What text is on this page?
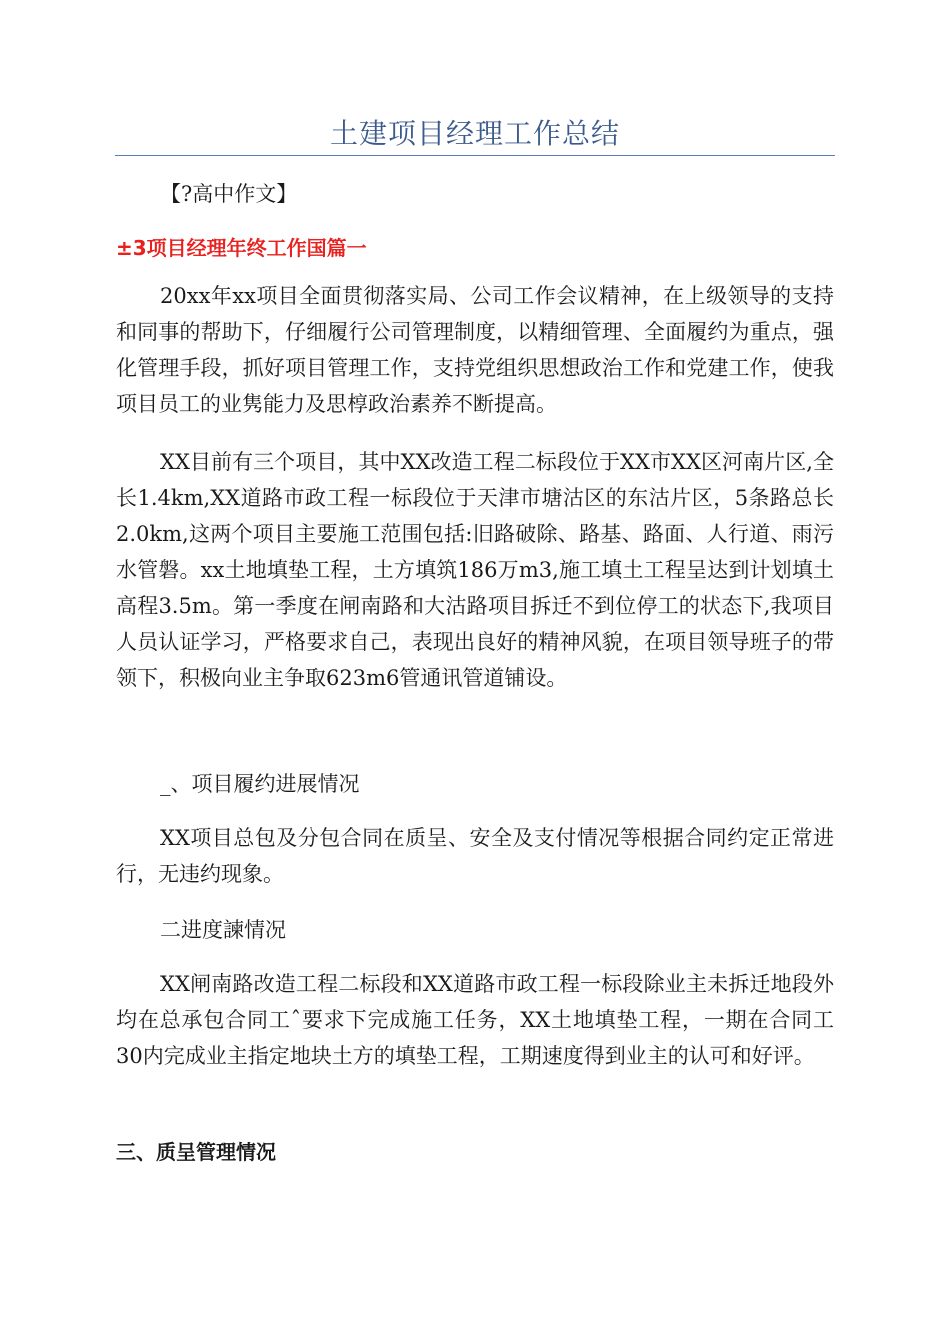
土建项目经理工作总结
【?高中作文】
±3项目经理年终工作国篇一

20xx年xx项目全面贯彻落实局、公司工作会议精神，在上级领导的支持和同事的帮助下，仔细履行公司管理制度，以精细管理、全面履约为重点，强化管理手段，抓好项目管理工作，支持党组织思想政治工作和党建工作，使我项目员工的业隽能力及思椁政治素养不断提高。

XX目前有三个项目，其中XX改造工程二标段位于XX市XX区河南片区,全长1.4km,XX道路市政工程一标段位于天津市塘沽区的东沽片区，5条路总长2.0km,这两个项目主要施工范围包括:旧路破除、路基、路面、人行道、雨污水管磐。xx土地填垫工程，土方填筑186万m3,施工填土工程呈达到计划填土高程3.5m。第一季度在闸南路和大沽路项目拆迁不到位停工的状态下,我项目人员认证学习，严格要求自己，表现出良好的精神风貌，在项目领导班子的带领下，积极向业主争取623m6管通讯管道铺设。

_、项目履约进展情况

XX项目总包及分包合同在质呈、安全及支付情况等根据合同约定正常进行，无违约现象。

二进度諫情况

XX闸南路改造工程二标段和XX道路市政工程一标段除业主未拆迁地段外均在总承包合同工ˆ要求下完成施工任务，XX土地填垫工程，一期在合同工30内完成业主指定地块土方的填垫工程，工期速度得到业主的认可和好评。

三、质呈管理情况
